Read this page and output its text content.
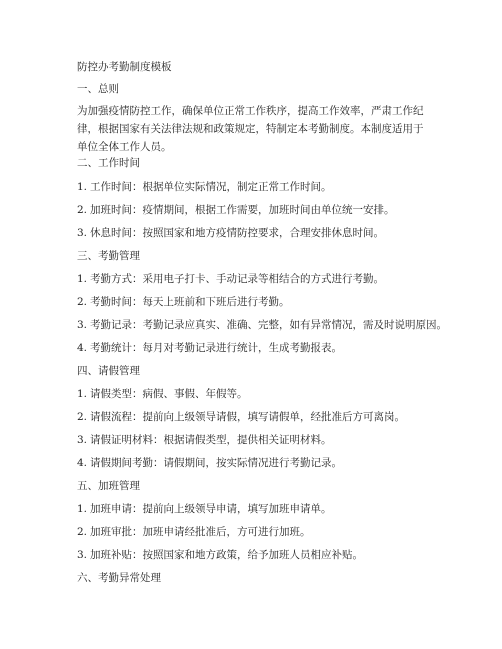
防控办考勤制度模板
一、总则
为加强疫情防控工作，确保单位正常工作秩序，提高工作效率，严肃工作纪律，根据国家有关法律法规和政策规定，特制定本考勤制度。本制度适用于单位全体工作人员。
二、工作时间
1. 工作时间：根据单位实际情况，制定正常工作时间。
2. 加班时间：疫情期间，根据工作需要，加班时间由单位统一安排。
3. 休息时间：按照国家和地方疫情防控要求，合理安排休息时间。
三、考勤管理
1. 考勤方式：采用电子打卡、手动记录等相结合的方式进行考勤。
2. 考勤时间：每天上班前和下班后进行考勤。
3. 考勤记录：考勤记录应真实、准确、完整，如有异常情况，需及时说明原因。
4. 考勤统计：每月对考勤记录进行统计，生成考勤报表。
四、请假管理
1. 请假类型：病假、事假、年假等。
2. 请假流程：提前向上级领导请假，填写请假单，经批准后方可离岗。
3. 请假证明材料：根据请假类型，提供相关证明材料。
4. 请假期间考勤：请假期间，按实际情况进行考勤记录。
五、加班管理
1. 加班申请：提前向上级领导申请，填写加班申请单。
2. 加班审批：加班申请经批准后，方可进行加班。
3. 加班补贴：按照国家和地方政策，给予加班人员相应补贴。
六、考勤异常处理
